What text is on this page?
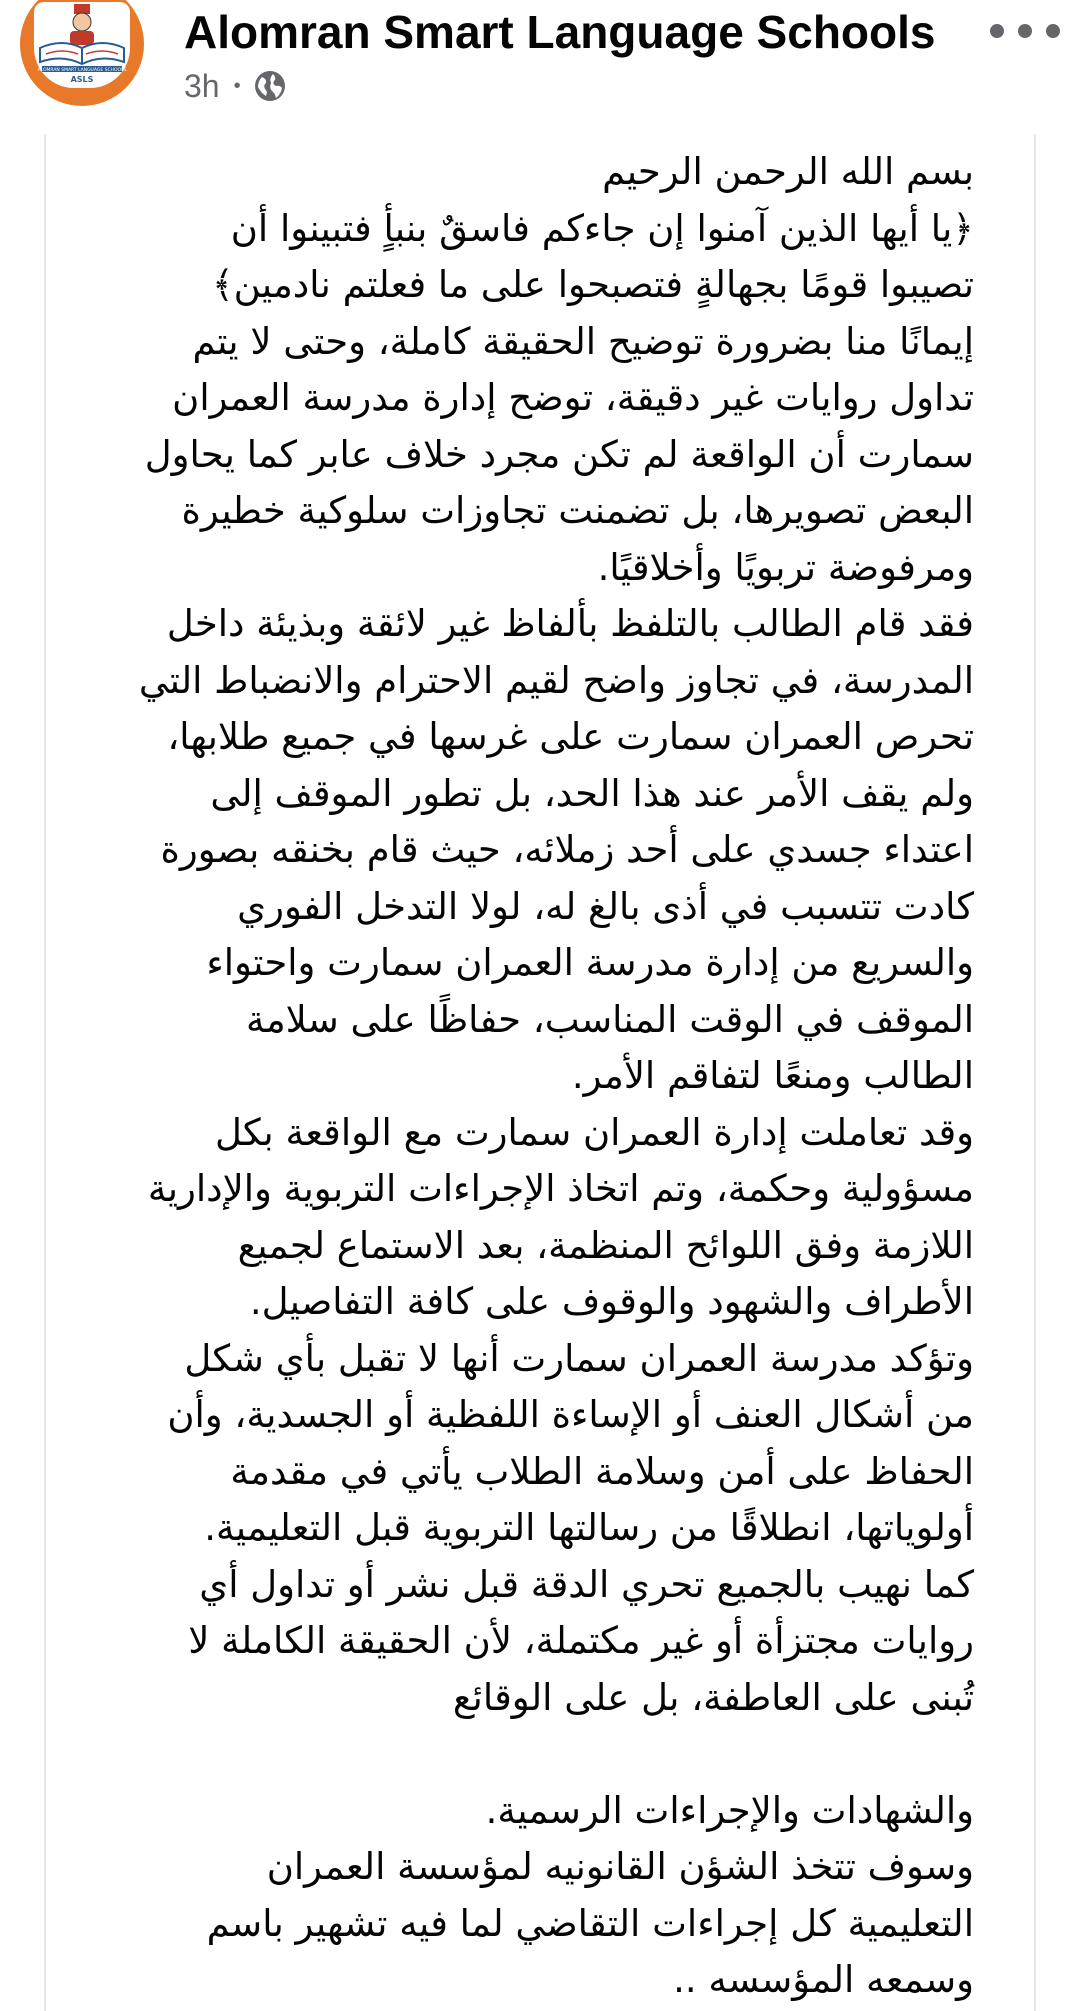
ALOMRAN SMART LANGUAGE SCHOOLS
ASLS
Alomran Smart Language Schools
3h •
بسم الله الرحمن الرحيم
﴿يا أيها الذين آمنوا إن جاءكم فاسقٌ بنبأٍ فتبينوا أن
تصيبوا قومًا بجهالةٍ فتصبحوا على ما فعلتم نادمين﴾
إيمانًا منا بضرورة توضيح الحقيقة كاملة، وحتى لا يتم
تداول روايات غير دقيقة، توضح إدارة مدرسة العمران
سمارت أن الواقعة لم تكن مجرد خلاف عابر كما يحاول
البعض تصويرها، بل تضمنت تجاوزات سلوكية خطيرة
ومرفوضة تربويًا وأخلاقيًا.
فقد قام الطالب بالتلفظ بألفاظ غير لائقة وبذيئة داخل
المدرسة، في تجاوز واضح لقيم الاحترام والانضباط التي
تحرص العمران سمارت على غرسها في جميع طلابها،
ولم يقف الأمر عند هذا الحد، بل تطور الموقف إلى
اعتداء جسدي على أحد زملائه، حيث قام بخنقه بصورة
كادت تتسبب في أذى بالغ له، لولا التدخل الفوري
والسريع من إدارة مدرسة العمران سمارت واحتواء
الموقف في الوقت المناسب، حفاظًا على سلامة
الطالب ومنعًا لتفاقم الأمر.
وقد تعاملت إدارة العمران سمارت مع الواقعة بكل
مسؤولية وحكمة، وتم اتخاذ الإجراءات التربوية والإدارية
اللازمة وفق اللوائح المنظمة، بعد الاستماع لجميع
الأطراف والشهود والوقوف على كافة التفاصيل.
وتؤكد مدرسة العمران سمارت أنها لا تقبل بأي شكل
من أشكال العنف أو الإساءة اللفظية أو الجسدية، وأن
الحفاظ على أمن وسلامة الطلاب يأتي في مقدمة
أولوياتها، انطلاقًا من رسالتها التربوية قبل التعليمية.
كما نهيب بالجميع تحري الدقة قبل نشر أو تداول أي
روايات مجتزأة أو غير مكتملة، لأن الحقيقة الكاملة لا
تُبنى على العاطفة، بل على الوقائع
والشهادات والإجراءات الرسمية.
وسوف تتخذ الشؤن القانونيه لمؤسسة العمران
التعليمية كل إجراءات التقاضي لما فيه تشهير باسم
وسمعه المؤسسه ..
